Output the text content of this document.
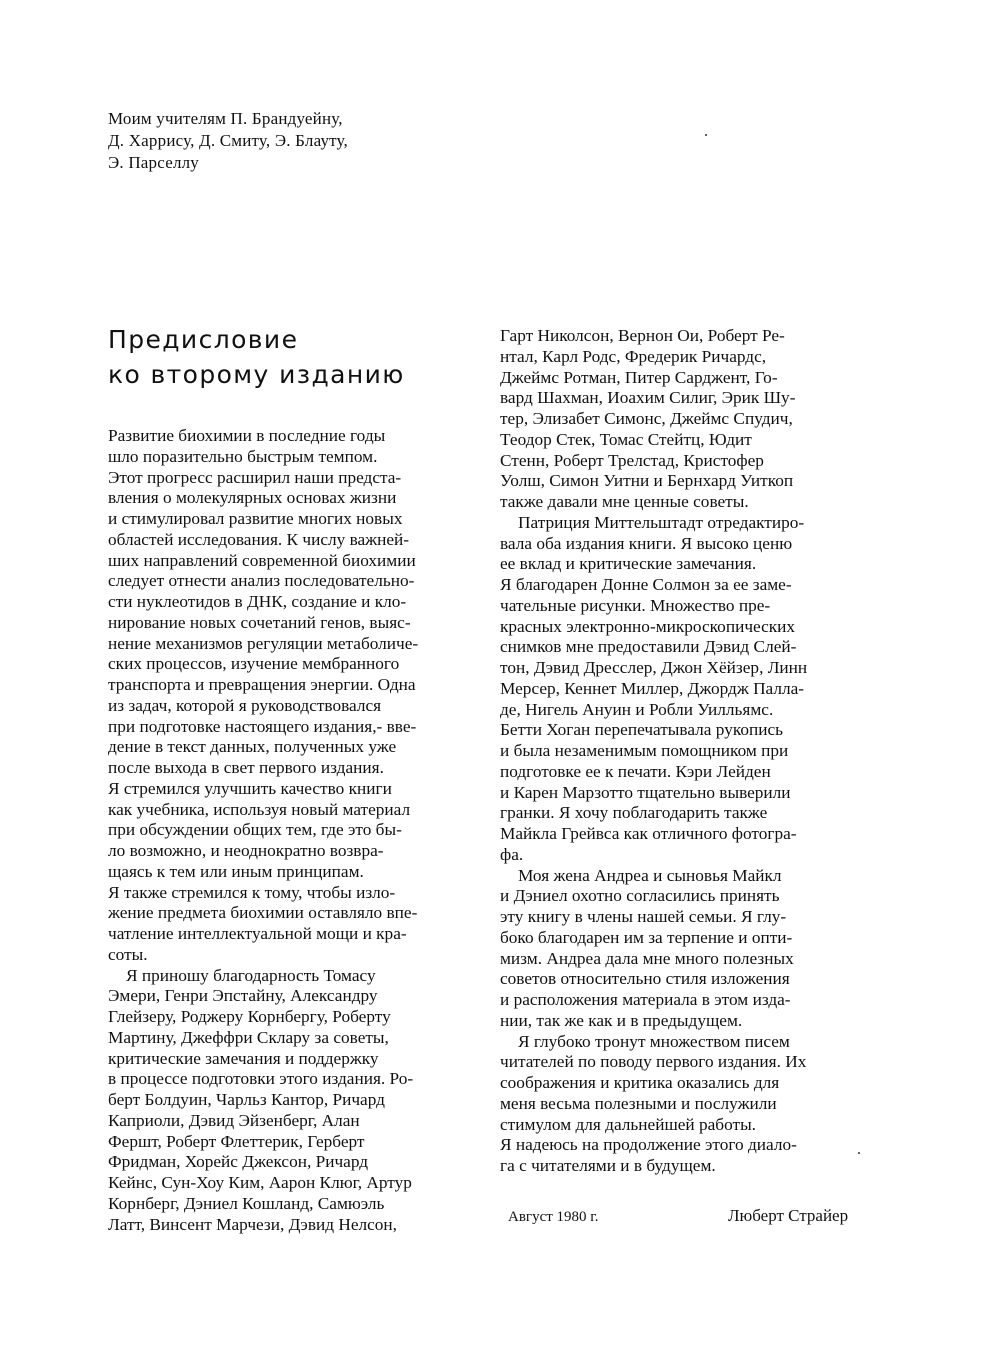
Моим учителям П. Брандуейну,
Д. Харрису, Д. Смиту, Э. Блауту,
Э. Парселлу
Предисловие
ко второму изданию
Развитие биохимии в последние годы
шло поразительно быстрым темпом.
Этот прогресс расширил наши предста-
вления о молекулярных основах жизни
и стимулировал развитие многих новых
областей исследования. К числу важней-
ших направлений современной биохимии
следует отнести анализ последовательно-
сти нуклеотидов в ДНК, создание и кло-
нирование новых сочетаний генов, выяс-
нение механизмов регуляции метаболиче-
ских процессов, изучение мембранного
транспорта и превращения энергии. Одна
из задач, которой я руководствовался
при подготовке настоящего издания,- вве-
дение в текст данных, полученных уже
после выхода в свет первого издания.
Я стремился улучшить качество книги
как учебника, используя новый материал
при обсуждении общих тем, где это бы-
ло возможно, и неоднократно возвра-
щаясь к тем или иным принципам.
Я также стремился к тому, чтобы изло-
жение предмета биохимии оставляло впе-
чатление интеллектуальной мощи и кра-
соты.
Я приношу благодарность Томасу
Эмери, Генри Эпстайну, Александру
Глейзеру, Роджеру Корнбергу, Роберту
Мартину, Джеффри Склару за советы,
критические замечания и поддержку
в процессе подготовки этого издания. Ро-
берт Болдуин, Чарльз Кантор, Ричард
Каприоли, Дэвид Эйзенберг, Алан
Фершт, Роберт Флеттерик, Герберт
Фридман, Хорейс Джексон, Ричард
Кейнс, Сун-Хоу Ким, Аарон Клюг, Артур
Корнберг, Дэниел Кошланд, Самюэль
Латт, Винсент Марчези, Дэвид Нелсон,
Гарт Николсон, Вернон Ои, Роберт Ре-
нтал, Карл Родс, Фредерик Ричардс,
Джеймс Ротман, Питер Сарджент, Го-
вард Шахман, Иоахим Силиг, Эрик Шу-
тер, Элизабет Симонс, Джеймс Спудич,
Теодор Стек, Томас Стейтц, Юдит
Стенн, Роберт Трелстад, Кристофер
Уолш, Симон Уитни и Бернхард Уиткоп
также давали мне ценные советы.
Патриция Миттельштадт отредактиро-
вала оба издания книги. Я высоко ценю
ее вклад и критические замечания.
Я благодарен Донне Солмон за ее заме-
чательные рисунки. Множество пре-
красных электронно-микроскопических
снимков мне предоставили Дэвид Слей-
тон, Дэвид Дресслер, Джон Хёйзер, Линн
Мерсер, Кеннет Миллер, Джордж Палла-
де, Нигель Ануин и Робли Уилльямс.
Бетти Хоган перепечатывала рукопись
и была незаменимым помощником при
подготовке ее к печати. Кэри Лейден
и Карен Марзотто тщательно выверили
гранки. Я хочу поблагодарить также
Майкла Грейвса как отличного фотогра-
фа.
Моя жена Андреа и сыновья Майкл
и Дэниел охотно согласились принять
эту книгу в члены нашей семьи. Я глу-
боко благодарен им за терпение и опти-
мизм. Андреа дала мне много полезных
советов относительно стиля изложения
и расположения материала в этом изда-
нии, так же как и в предыдущем.
Я глубоко тронут множеством писем
читателей по поводу первого издания. Их
соображения и критика оказались для
меня весьма полезными и послужили
стимулом для дальнейшей работы.
Я надеюсь на продолжение этого диало-
га с читателями и в будущем.
Август 1980 г.	Люберт Страйер
